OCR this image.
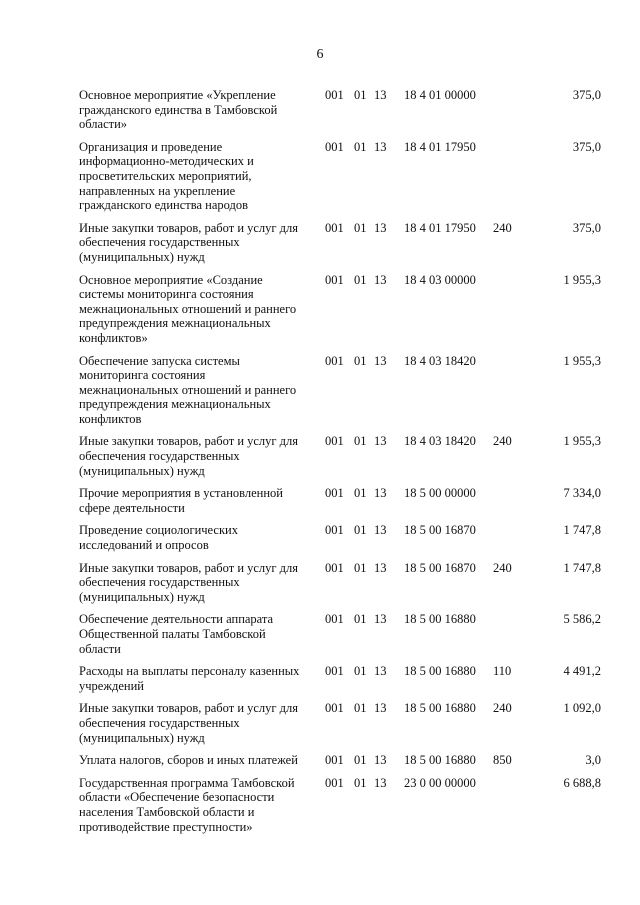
6
Основное мероприятие «Укрепление гражданского единства в Тамбовской области»
001 01 13 18 4 01 00000	375,0
Организация и проведение информационно-методических и просветительских мероприятий, направленных на укрепление гражданского единства народов
001 01 13 18 4 01 17950	375,0
Иные закупки товаров, работ и услуг для обеспечения государственных (муниципальных) нужд
001 01 13 18 4 01 17950 240	375,0
Основное мероприятие «Создание системы мониторинга состояния межнациональных отношений и раннего предупреждения межнациональных конфликтов»
001 01 13 18 4 03 00000	1 955,3
Обеспечение запуска системы мониторинга состояния межнациональных отношений и раннего предупреждения межнациональных конфликтов
001 01 13 18 4 03 18420	1 955,3
Иные закупки товаров, работ и услуг для обеспечения государственных (муниципальных) нужд
001 01 13 18 4 03 18420 240	1 955,3
Прочие мероприятия в установленной сфере деятельности
001 01 13 18 5 00 00000	7 334,0
Проведение социологических исследований и опросов
001 01 13 18 5 00 16870	1 747,8
Иные закупки товаров, работ и услуг для обеспечения государственных (муниципальных) нужд
001 01 13 18 5 00 16870 240	1 747,8
Обеспечение деятельности аппарата Общественной палаты Тамбовской области
001 01 13 18 5 00 16880	5 586,2
Расходы на выплаты персоналу казенных учреждений
001 01 13 18 5 00 16880 110	4 491,2
Иные закупки товаров, работ и услуг для обеспечения государственных (муниципальных) нужд
001 01 13 18 5 00 16880 240	1 092,0
Уплата налогов, сборов и иных платежей	001 01 13 18 5 00 16880 850	3,0
Государственная программа Тамбовской области «Обеспечение безопасности населения Тамбовской области и противодействие преступности»
001 01 13 23 0 00 00000	6 688,8
